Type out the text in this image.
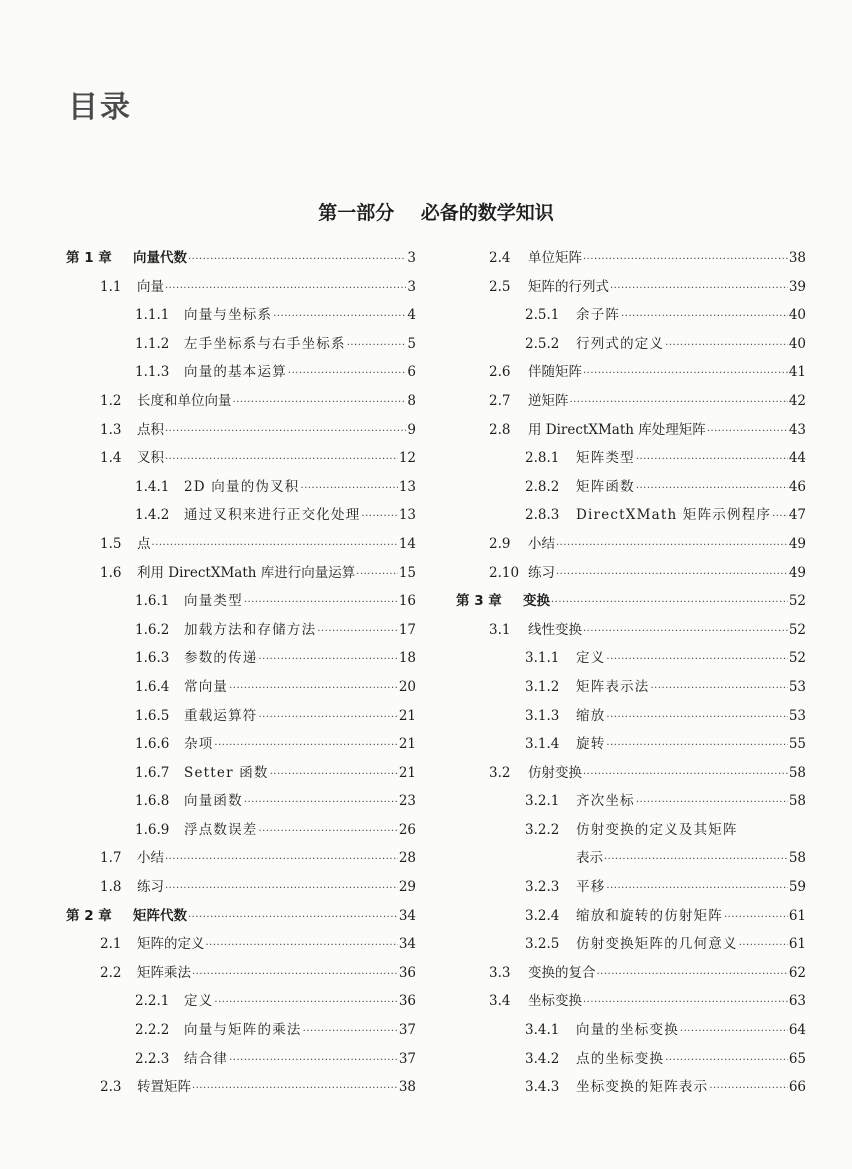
目录
第一部分    必备的数学知识
第 1 章	向量代数 ·····	3
1.1	向量 ·····	3
1.1.1	向量与坐标系 ·····	4
1.1.2	左手坐标系与右手坐标系 ·····	5
1.1.3	向量的基本运算 ·····	6
1.2	长度和单位向量 ·····	8
1.3	点积 ·····	9
1.4	叉积 ·····	12
1.4.1	2D 向量的伪叉积 ·····	13
1.4.2	通过叉积来进行正交化处理 ·····	13
1.5	点 ·····	14
1.6	利用 DirectXMath 库进行向量运算 ·····	15
1.6.1	向量类型 ·····	16
1.6.2	加载方法和存储方法 ·····	17
1.6.3	参数的传递 ·····	18
1.6.4	常向量 ·····	20
1.6.5	重载运算符 ·····	21
1.6.6	杂项 ·····	21
1.6.7	Setter 函数 ·····	21
1.6.8	向量函数 ·····	23
1.6.9	浮点数误差 ·····	26
1.7	小结 ·····	28
1.8	练习 ·····	29
第 2 章	矩阵代数 ·····	34
2.1	矩阵的定义 ·····	34
2.2	矩阵乘法 ·····	36
2.2.1	定义 ·····	36
2.2.2	向量与矩阵的乘法 ·····	37
2.2.3	结合律 ·····	37
2.3	转置矩阵 ·····	38
2.4	单位矩阵 ·····	38
2.5	矩阵的行列式 ·····	39
2.5.1	余子阵 ·····	40
2.5.2	行列式的定义 ·····	40
2.6	伴随矩阵 ·····	41
2.7	逆矩阵 ·····	42
2.8	用 DirectXMath 库处理矩阵 ·····	43
2.8.1	矩阵类型 ·····	44
2.8.2	矩阵函数 ·····	46
2.8.3	DirectXMath 矩阵示例程序 ····· 47
2.9	小结 ·····	49
2.10 练习 ·····	49
第 3 章	变换 ·····	52
3.1	线性变换 ·····	52
3.1.1	定义 ·····	52
3.1.2	矩阵表示法 ·····	53
3.1.3	缩放 ·····	53
3.1.4	旋转 ·····	55
3.2	仿射变换 ·····	58
3.2.1	齐次坐标 ·····	58
3.2.2	仿射变换的定义及其矩阵
表示 ·····	58
3.2.3	平移 ·····	59
3.2.4	缩放和旋转的仿射矩阵 ·····	61
3.2.5	仿射变换矩阵的几何意义 ·····	61
3.3	变换的复合 ·····	62
3.4	坐标变换 ·····	63
3.4.1	向量的坐标变换 ·····	64
3.4.2	点的坐标变换 ·····	65
3.4.3	坐标变换的矩阵表示 ·····	66
